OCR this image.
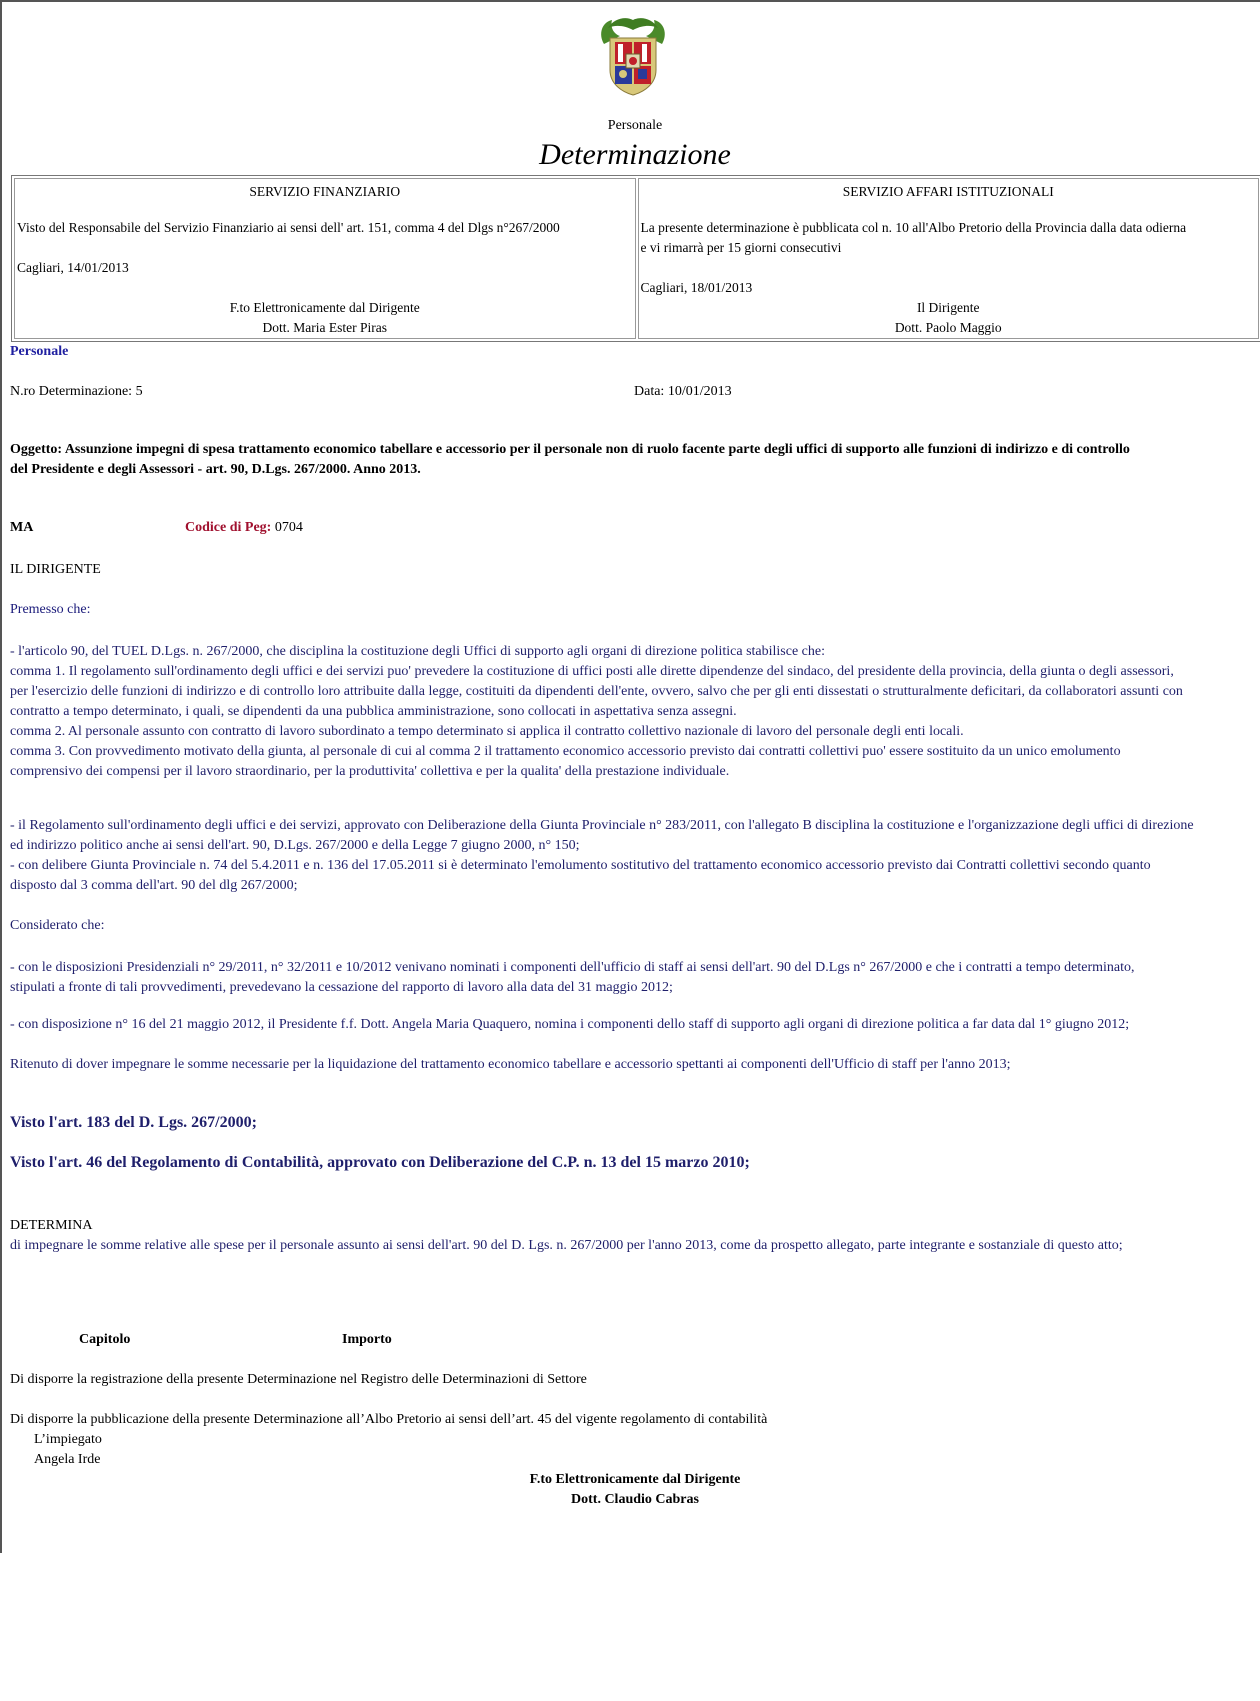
Personale
Determinazione
SERVIZIO FINANZIARIO
Visto del Responsabile del Servizio Finanziario ai sensi dell' art. 151, comma 4 del Dlgs n°267/2000
Cagliari, 14/01/2013
F.to Elettronicamente dal Dirigente
Dott. Maria Ester Piras

SERVIZIO AFFARI ISTITUZIONALI
La presente determinazione è pubblicata col n. 10 all'Albo Pretorio della Provincia dalla data odierna
e vi rimarrà per 15 giorni consecutivi
Cagliari, 18/01/2013
Il Dirigente
Dott. Paolo Maggio
Personale
N.ro Determinazione: 5	Data: 10/01/2013
Oggetto: Assunzione impegni di spesa trattamento economico tabellare e accessorio per il personale non di ruolo facente parte degli uffici di supporto alle funzioni di indirizzo e di controllo
del Presidente e degli Assessori - art. 90, D.Lgs. 267/2000. Anno 2013.
MA	Codice di Peg: 0704
IL DIRIGENTE
Premesso che:
- l'articolo 90, del TUEL D.Lgs. n. 267/2000, che disciplina la costituzione degli Uffici di supporto agli organi di direzione politica stabilisce che:
comma 1. Il regolamento sull'ordinamento degli uffici e dei servizi puo' prevedere la costituzione di uffici posti alle dirette dipendenze del sindaco, del presidente della provincia, della giunta o degli assessori,
per l'esercizio delle funzioni di indirizzo e di controllo loro attribuite dalla legge, costituiti da dipendenti dell'ente, ovvero, salvo che per gli enti dissestati o strutturalmente deficitari, da collaboratori assunti con
contratto a tempo determinato, i quali, se dipendenti da una pubblica amministrazione, sono collocati in aspettativa senza assegni.
comma 2. Al personale assunto con contratto di lavoro subordinato a tempo determinato si applica il contratto collettivo nazionale di lavoro del personale degli enti locali.
comma 3. Con provvedimento motivato della giunta, al personale di cui al comma 2 il trattamento economico accessorio previsto dai contratti collettivi puo' essere sostituito da un unico emolumento
comprensivo dei compensi per il lavoro straordinario, per la produttivita' collettiva e per la qualita' della prestazione individuale.
- il Regolamento sull'ordinamento degli uffici e dei servizi, approvato con Deliberazione della Giunta Provinciale n° 283/2011, con l'allegato B disciplina la costituzione e l'organizzazione degli uffici di direzione
ed indirizzo politico anche ai sensi dell'art. 90, D.Lgs. 267/2000 e della Legge 7 giugno 2000, n° 150;
- con delibere Giunta Provinciale n. 74 del 5.4.2011 e n. 136 del 17.05.2011 si è determinato l'emolumento sostitutivo del trattamento economico accessorio previsto dai Contratti collettivi secondo quanto
disposto dal 3 comma dell'art. 90 del dlg 267/2000;
Considerato che:
- con le disposizioni Presidenziali n° 29/2011, n° 32/2011 e 10/2012 venivano nominati i componenti dell'ufficio di staff ai sensi dell'art. 90 del D.Lgs n° 267/2000 e che i contratti a tempo determinato,
stipulati a fronte di tali provvedimenti, prevedevano la cessazione del rapporto di lavoro alla data del 31 maggio 2012;
- con disposizione n° 16 del 21 maggio 2012, il Presidente f.f. Dott. Angela Maria Quaquero, nomina i componenti dello staff di supporto agli organi di direzione politica a far data dal 1° giugno 2012;
Ritenuto di dover impegnare le somme necessarie per la liquidazione del trattamento economico tabellare e accessorio spettanti ai componenti dell'Ufficio di staff per l'anno 2013;
Visto l'art. 183 del D. Lgs. 267/2000;
Visto l'art. 46 del Regolamento di Contabilità, approvato con Deliberazione del C.P. n. 13 del 15 marzo 2010;
DETERMINA
di impegnare le somme relative alle spese per il personale assunto ai sensi dell'art. 90 del D. Lgs. n. 267/2000 per l'anno 2013, come da prospetto allegato, parte integrante e sostanziale di questo atto;
Capitolo	Importo
Di disporre la registrazione della presente Determinazione nel Registro delle Determinazioni di Settore
Di disporre la pubblicazione della presente Determinazione all’Albo Pretorio ai sensi dell’art. 45 del vigente regolamento di contabilità
L’impiegato
Angela Irde
F.to Elettronicamente dal Dirigente
Dott. Claudio Cabras
